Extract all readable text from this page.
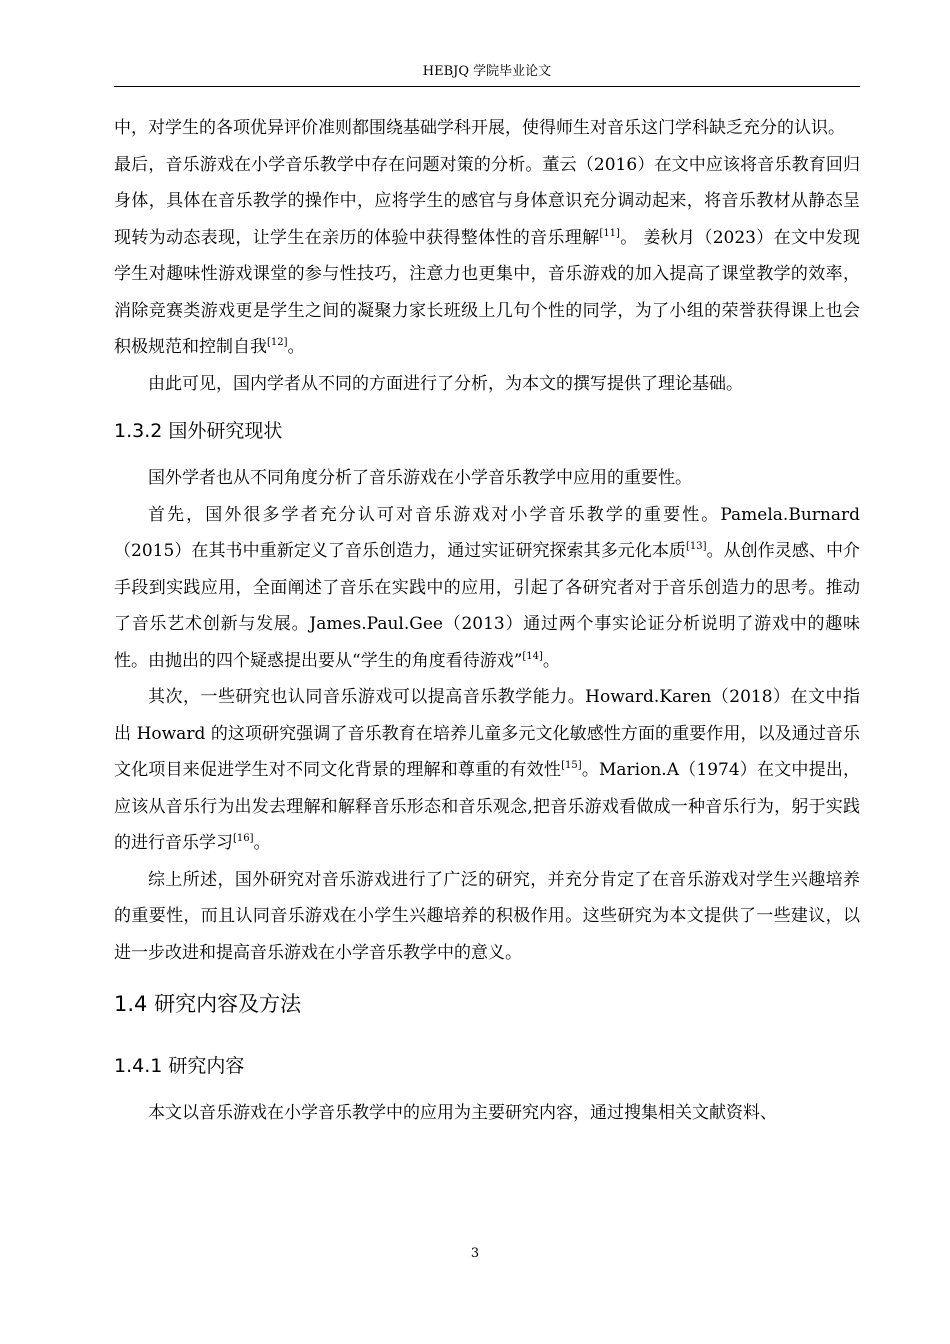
HEBJQ 学院毕业论文

中，对学生的各项优异评价准则都围绕基础学科开展，使得师生对音乐这门学科缺乏充分的认识。

最后，音乐游戏在小学音乐教学中存在问题对策的分析。董云（2016）在文中应该将音乐教育回归身体，具体在音乐教学的操作中，应将学生的感官与身体意识充分调动起来，将音乐教材从静态呈现转为动态表现，让学生在亲历的体验中获得整体性的音乐理解[11]。 姜秋月（2023）在文中发现学生对趣味性游戏课堂的参与性技巧，注意力也更集中，音乐游戏的加入提高了课堂教学的效率，消除竞赛类游戏更是学生之间的凝聚力家长班级上几句个性的同学，为了小组的荣誉获得课上也会积极规范和控制自我[12]。

由此可见，国内学者从不同的方面进行了分析，为本文的撰写提供了理论基础。

1.3.2 国外研究现状

国外学者也从不同角度分析了音乐游戏在小学音乐教学中应用的重要性。

首先，国外很多学者充分认可对音乐游戏对小学音乐教学的重要性。Pamela.Burnard（2015）在其书中重新定义了音乐创造力，通过实证研究探索其多元化本质[13]。从创作灵感、中介手段到实践应用，全面阐述了音乐在实践中的应用，引起了各研究者对于音乐创造力的思考。推动了音乐艺术创新与发展。James.Paul.Gee（2013）通过两个事实论证分析说明了游戏中的趣味性。由抛出的四个疑惑提出要从“学生的角度看待游戏”[14]。

其次，一些研究也认同音乐游戏可以提高音乐教学能力。Howard.Karen（2018）在文中指出 Howard 的这项研究强调了音乐教育在培养儿童多元文化敏感性方面的重要作用，以及通过音乐文化项目来促进学生对不同文化背景的理解和尊重的有效性[15]。Marion.A（1974）在文中提出，应该从音乐行为出发去理解和解释音乐形态和音乐观念,把音乐游戏看做成一种音乐行为，躬于实践的进行音乐学习[16]。

综上所述，国外研究对音乐游戏进行了广泛的研究，并充分肯定了在音乐游戏对学生兴趣培养的重要性，而且认同音乐游戏在小学生兴趣培养的积极作用。这些研究为本文提供了一些建议，以进一步改进和提高音乐游戏在小学音乐教学中的意义。

1.4 研究内容及方法
1.4.1 研究内容

本文以音乐游戏在小学音乐教学中的应用为主要研究内容，通过搜集相关文献资料、

3
